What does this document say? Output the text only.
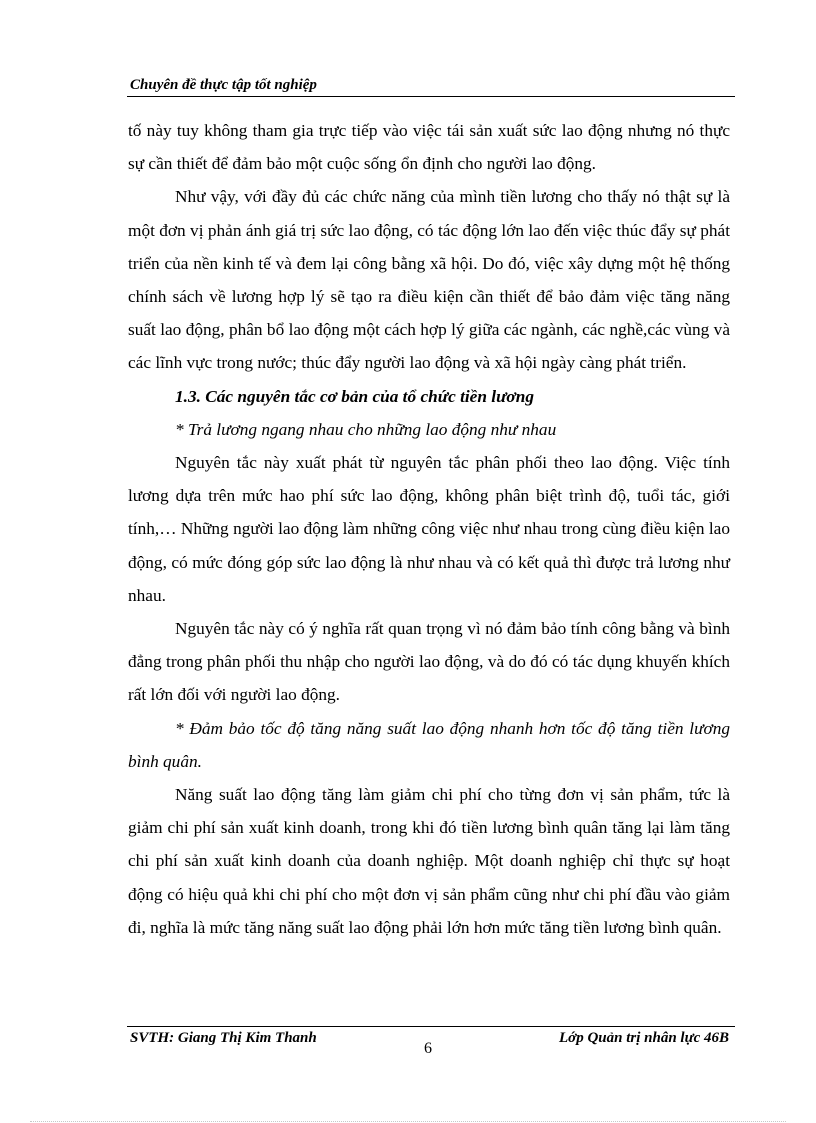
Chuyên đề thực tập tốt nghiệp

tố này tuy không tham gia trực tiếp vào việc tái sản xuất sức lao động nhưng nó thực sự cần thiết để đảm bảo một cuộc sống ổn định cho người lao động.

Như vậy, với đầy đủ các chức năng của mình tiền lương cho thấy nó thật sự là một đơn vị phản ánh giá trị sức lao động, có tác động lớn lao đến việc thúc đẩy sự phát triển của nền kinh tế và đem lại công bằng xã hội. Do đó, việc xây dựng một hệ thống chính sách về lương hợp lý sẽ tạo ra điều kiện cần thiết để bảo đảm việc tăng năng suất lao động, phân bổ lao động một cách hợp lý giữa các ngành, các nghề,các vùng và các lĩnh vực trong nước; thúc đẩy người lao động và xã hội ngày càng phát triển.

1.3. Các nguyên tắc cơ bản của tổ chức tiền lương

* Trả lương ngang nhau cho những lao động như nhau

Nguyên tắc này xuất phát từ nguyên tắc phân phối theo lao động. Việc tính lương dựa trên mức hao phí sức lao động, không phân biệt trình độ, tuổi tác, giới tính,… Những người lao động làm những công việc như nhau trong cùng điều kiện lao động, có mức đóng góp sức lao động là như nhau và có kết quả thì được trả lương như nhau.

Nguyên tắc này có ý nghĩa rất quan trọng vì nó đảm bảo tính công bằng và bình đẳng trong phân phối thu nhập cho người lao động, và do đó có tác dụng khuyến khích rất lớn đối với người lao động.

* Đảm bảo tốc độ tăng năng suất lao động nhanh hơn tốc độ tăng tiền lương bình quân.

Năng suất lao động tăng làm giảm chi phí cho từng đơn vị sản phẩm, tức là giảm chi phí sản xuất kinh doanh, trong khi đó tiền lương bình quân tăng lại làm tăng chi phí sản xuất kinh doanh của doanh nghiệp. Một doanh nghiệp chỉ thực sự hoạt động có hiệu quả khi chi phí cho một đơn vị sản phẩm cũng như chi phí đầu vào giảm đi, nghĩa là mức tăng năng suất lao động phải lớn hơn mức tăng tiền lương bình quân.

SVTH: Giang Thị Kim Thanh	Lớp Quản trị nhân lực 46B
6
